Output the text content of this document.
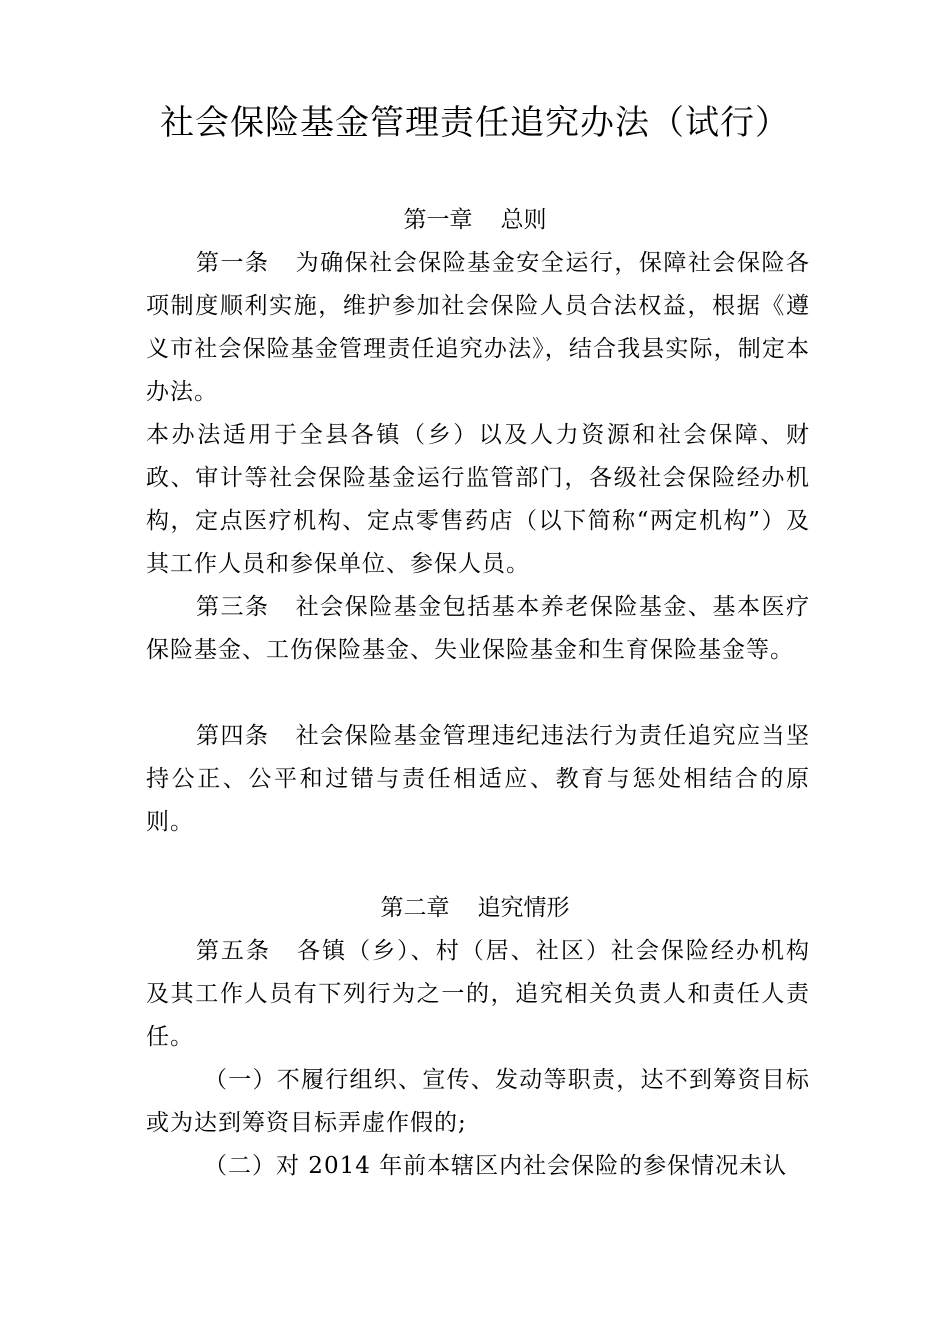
社会保险基金管理责任追究办法（试行）
第一章 总则

第一条 为确保社会保险基金安全运行，保障社会保险各项制度顺利实施，维护参加社会保险人员合法权益，根据《遵义市社会保险基金管理责任追究办法》，结合我县实际，制定本办法。

本办法适用于全县各镇（乡）以及人力资源和社会保障、财政、审计等社会保险基金运行监管部门，各级社会保险经办机构，定点医疗机构、定点零售药店（以下简称“两定机构”）及其工作人员和参保单位、参保人员。

第三条 社会保险基金包括基本养老保险基金、基本医疗保险基金、工伤保险基金、失业保险基金和生育保险基金等。

第四条 社会保险基金管理违纪违法行为责任追究应当坚持公正、公平和过错与责任相适应、教育与惩处相结合的原则。

第二章 追究情形

第五条 各镇（乡）、村（居、社区）社会保险经办机构及其工作人员有下列行为之一的，追究相关负责人和责任人责任。

（一）不履行组织、宣传、发动等职责，达不到筹资目标或为达到筹资目标弄虚作假的;

（二）对 2014 年前本辖区内社会保险的参保情况未认
